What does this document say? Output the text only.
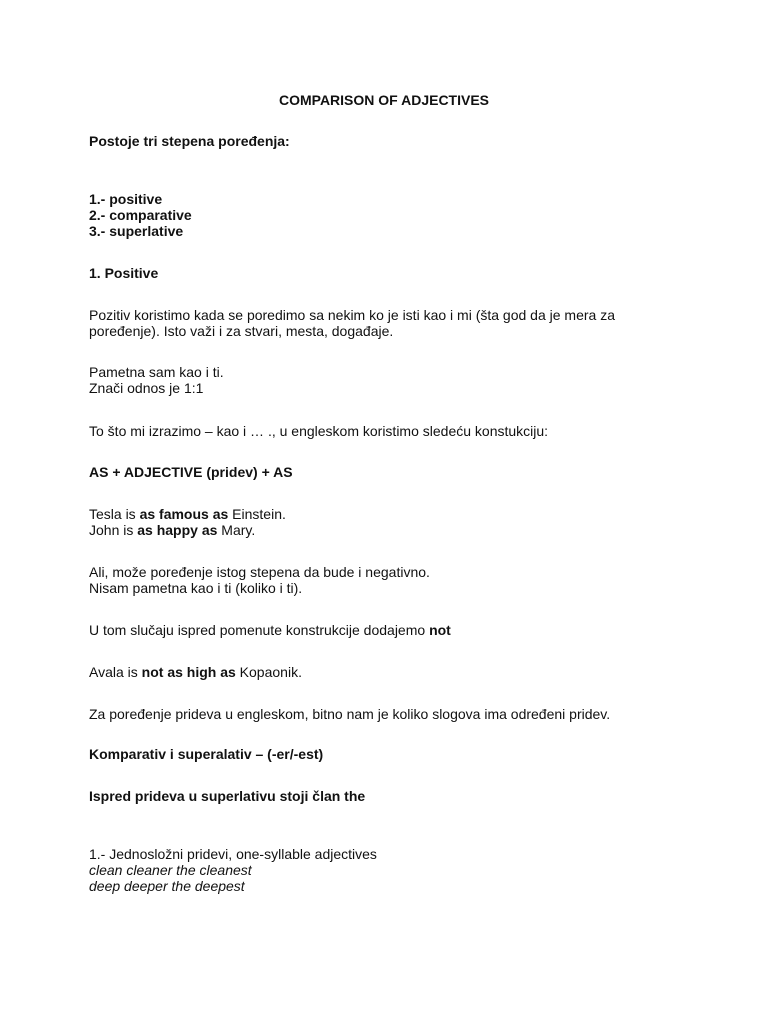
COMPARISON OF ADJECTIVES

Postoje tri stepena poređenja:

1.- positive
2.- comparative
3.- superlative

1. Positive

Pozitiv koristimo kada se poredimo sa nekim ko je isti kao i mi (šta god da je mera za
poređenje). Isto važi i za stvari, mesta, događaje.
Pametna sam kao i ti.
Znači odnos je 1:1

To što mi izrazimo – kao i … ., u engleskom koristimo sledeću konstukciju:

AS + ADJECTIVE (pridev) + AS

Tesla is as famous as Einstein.
John is as happy as Mary.
Ali, može poređenje istog stepena da bude i negativno.
Nisam pametna kao i ti (koliko i ti).

U tom slučaju ispred pomenute konstrukcije dodajemo not

Avala is not as high as Kopaonik.

Za poređenje prideva u engleskom, bitno nam je koliko slogova ima određeni pridev.

Komparativ i superalativ – (-er/-est)

Ispred prideva u superlativu stoji član the

1.- Jednosložni pridevi, one-syllable adjectives
clean cleaner the cleanest
deep deeper the deepest
